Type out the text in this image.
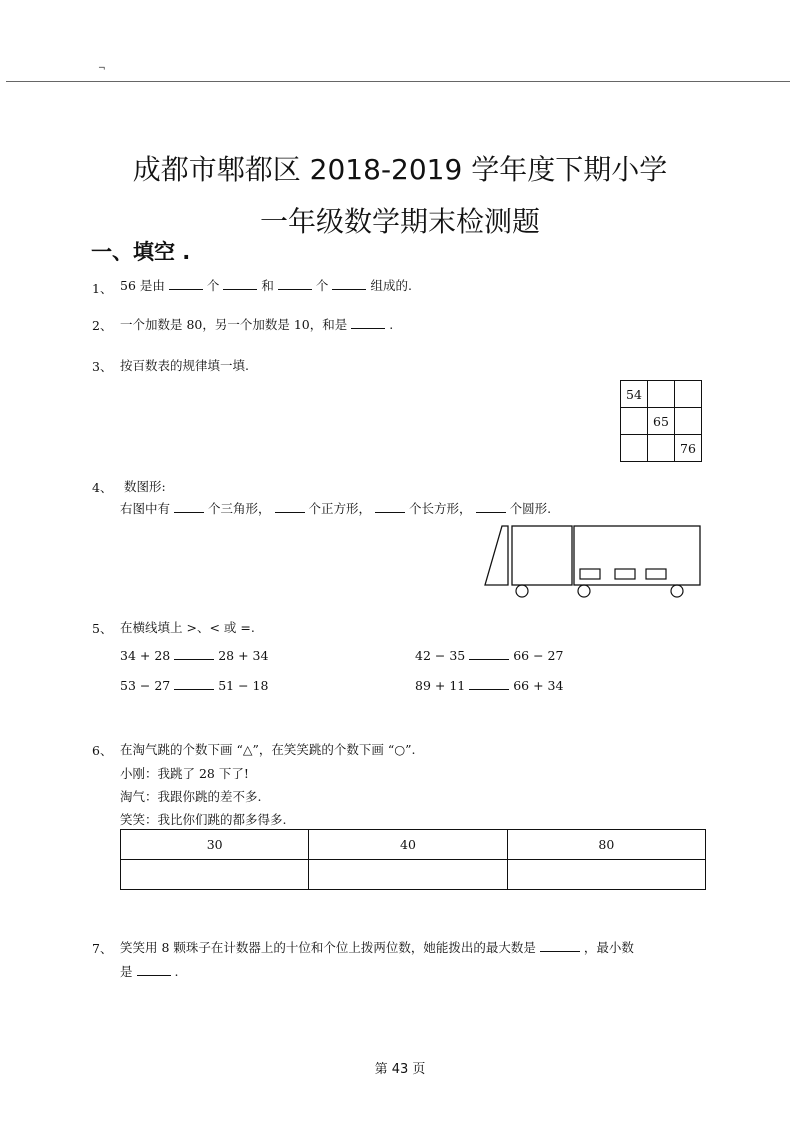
¬
成都市郫都区 2018-2019 学年度下期小学
一年级数学期末检测题
一、填空 .
1、 56 是由	个	和	个	组成的.
2、 一个加数是 80，另一个加数是 10，和是	.
3、 按百数表的规律填一填.
54		
	65	
		76
4、 数图形:
右图中有	个三角形，	个正方形，	个长方形，	个圆形.
5、 在横线填上 >、< 或 =.
34 + 28	28 + 34	42 − 35	66 − 27
53 − 27	51 − 18	89 + 11	66 + 34
6、 在淘气跳的个数下画 “△”，在笑笑跳的个数下画 “○”.
小刚：我跳了 28 下了!
淘气：我跟你跳的差不多.
笑笑：我比你们跳的都多得多.
30	40	80

7、 笑笑用 8 颗珠子在计数器上的十位和个位上拨两位数，她能拨出的最大数是	，最小数
是	.
第 43 页
